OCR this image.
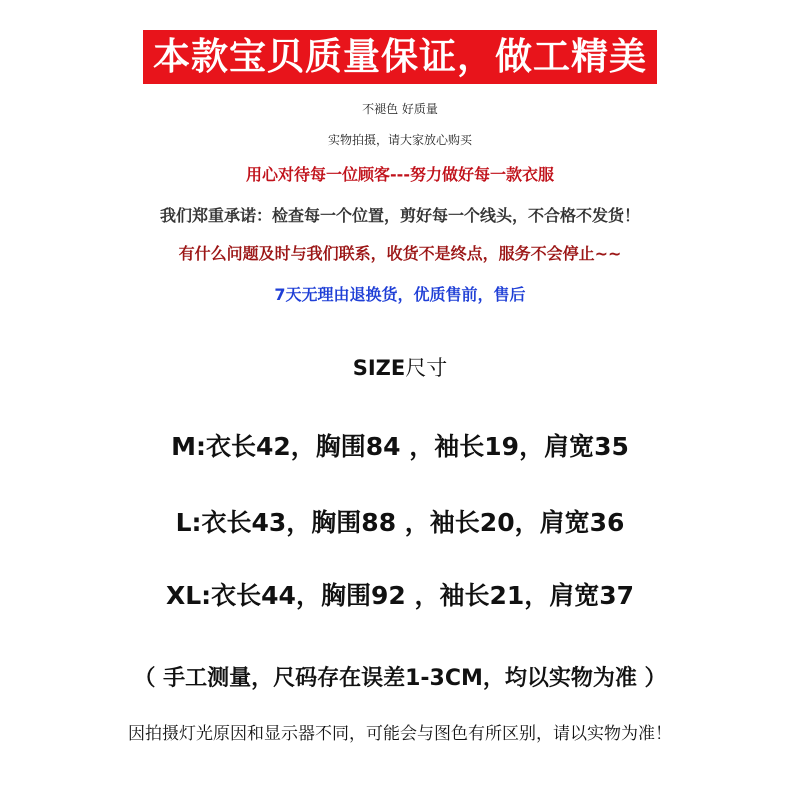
本款宝贝质量保证，做工精美
不褪色 好质量
实物拍摄，请大家放心购买
用心对待每一位顾客---努力做好每一款衣服
我们郑重承诺：检查每一个位置，剪好每一个线头，不合格不发货！
有什么问题及时与我们联系，收货不是终点，服务不会停止~~
7天无理由退换货，优质售前，售后
SIZE尺寸
M:衣长42，胸围84 ，袖长19，肩宽35
L:衣长43，胸围88 ，袖长20，肩宽36
XL:衣长44，胸围92 ，袖长21，肩宽37
（ 手工测量，尺码存在误差1-3CM，均以实物为准 ）
因拍摄灯光原因和显示器不同，可能会与图色有所区别，请以实物为准！
